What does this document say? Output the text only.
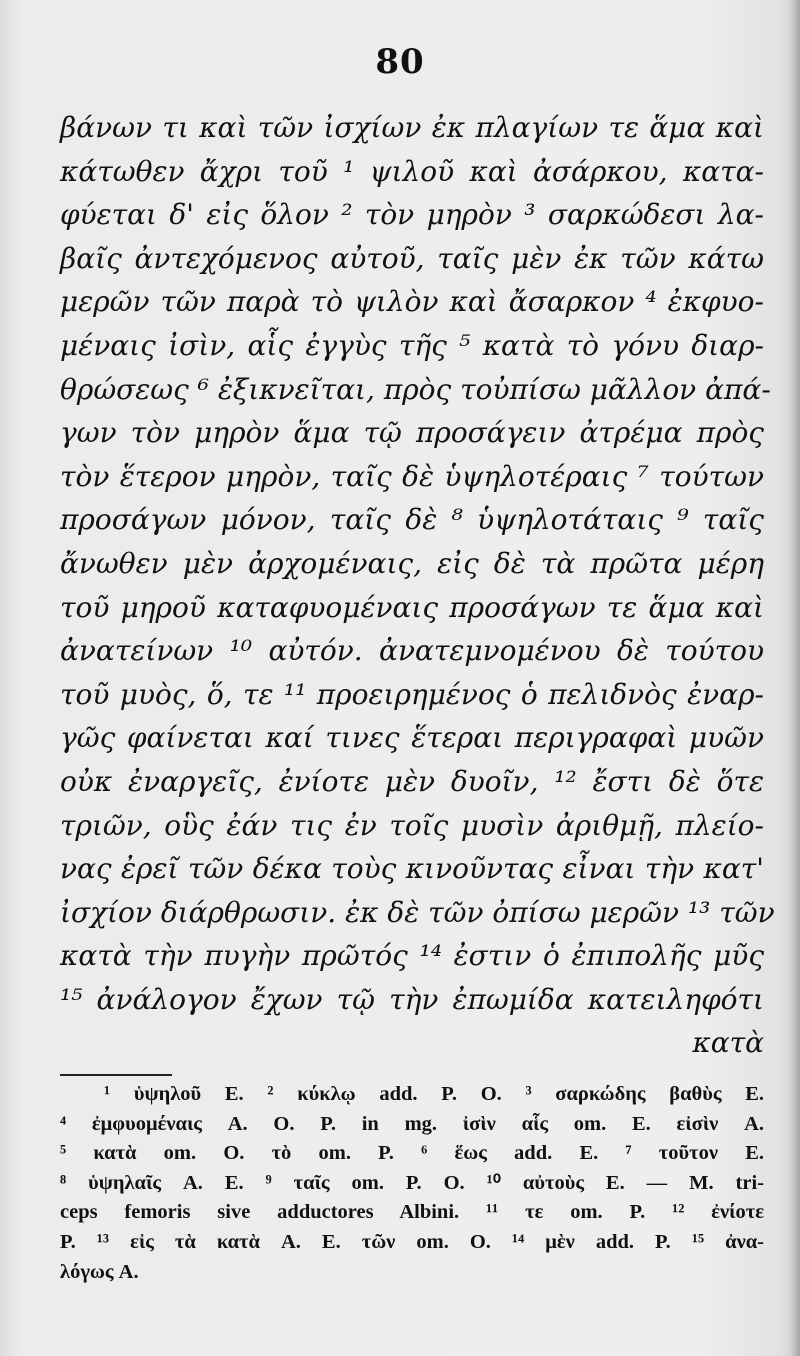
80
βάνων τι καὶ τῶν ἰσχίων ἐκ πλαγίων τε ἅμα καὶ
κάτωθεν ἄχρι τοῦ ¹ ψιλοῦ καὶ ἀσάρκου, κατα-
φύεται δ' εἰς ὅλον ² τὸν μηρὸν ³ σαρκώδεσι λα-
βαῖς ἀντεχόμενος αὐτοῦ, ταῖς μὲν ἐκ τῶν κάτω
μερῶν τῶν παρὰ τὸ ψιλὸν καὶ ἄσαρκον ⁴ ἐκφυο-
μέναις ἰσὶν, αἷς ἐγγὺς τῆς ⁵ κατὰ τὸ γόνυ διαρ-
θρώσεως ⁶ ἐξικνεῖται, πρὸς τοὐπίσω μᾶλλον ἀπά-
γων τὸν μηρὸν ἅμα τῷ προσάγειν ἀτρέμα πρὸς
τὸν ἕτερον μηρὸν, ταῖς δὲ ὑψηλοτέραις ⁷ τούτων
προσάγων μόνον, ταῖς δὲ ⁸ ὑψηλοτάταις ⁹ ταῖς
ἄνωθεν μὲν ἀρχομέναις, εἰς δὲ τὰ πρῶτα μέρη
τοῦ μηροῦ καταφυομέναις προσάγων τε ἅμα καὶ
ἀνατείνων ¹⁰ αὐτόν. ἀνατεμνομένου δὲ τούτου
τοῦ μυὸς, ὅ, τε ¹¹ προειρημένος ὁ πελιδνὸς ἐναρ-
γῶς φαίνεται καί τινες ἕτεραι περιγραφαὶ μυῶν
οὐκ ἐναργεῖς, ἐνίοτε μὲν δυοῖν, ¹² ἔστι δὲ ὅτε
τριῶν, οὓς ἐάν τις ἐν τοῖς μυσὶν ἀριθμῇ, πλείο-
νας ἐρεῖ τῶν δέκα τοὺς κινοῦντας εἶναι τὴν κατ'
ἰσχίον διάρθρωσιν. ἐκ δὲ τῶν ὀπίσω μερῶν ¹³ τῶν
κατὰ τὴν πυγὴν πρῶτός ¹⁴ ἐστιν ὁ ἐπιπολῆς μῦς
¹⁵ ἀνάλογον ἔχων τῷ τὴν ἐπωμίδα κατειληφότι
κατὰ
¹ ὑψηλοῦ E. ² κύκλῳ add. P. O. ³ σαρκώδης βαθὺς E.
⁴ ἐμφυομέναις A. O. P. in mg. ἰσὶν αἷς om. E. εἰσὶν A.
⁵ κατὰ om. O. τὸ om. P. ⁶ ἕως add. E. ⁷ τοῦτον E.
⁸ ὑψηλαῖς A. E. ⁹ ταῖς om. P. O. ¹⁰ αὐτοὺς E. — M. tri-
ceps femoris sive adductores Albini. ¹¹ τε om. P. ¹² ἐνίοτε
P. ¹³ εἰς τὰ κατὰ A. E. τῶν om. O. ¹⁴ μὲν add. P. ¹⁵ ἀνα-
λόγως A.
